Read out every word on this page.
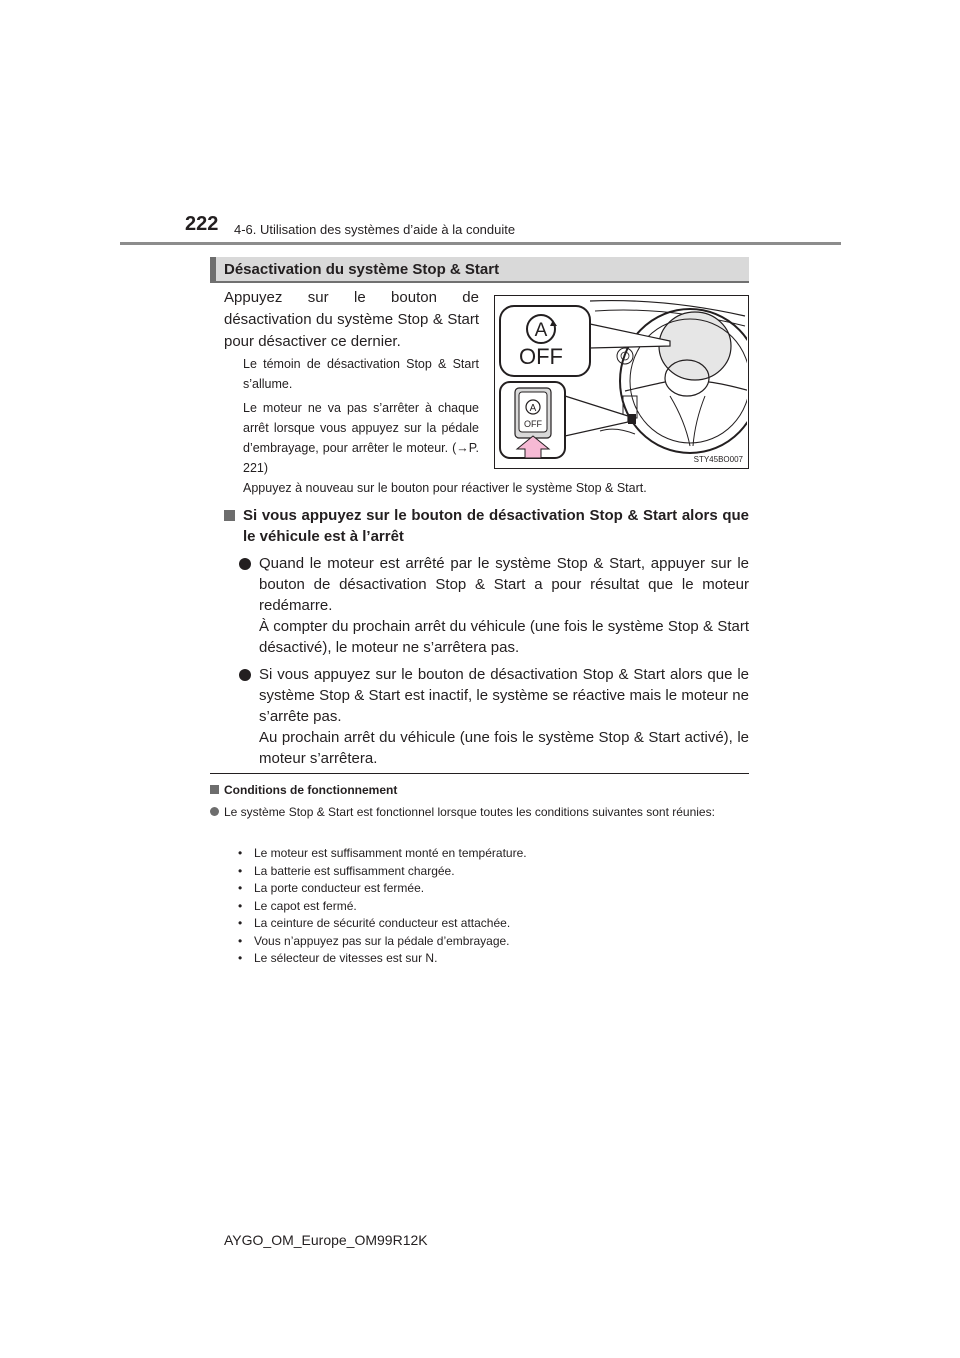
222 4-6. Utilisation des systèmes d’aide à la conduite
Désactivation du système Stop & Start
Appuyez sur le bouton de désactivation du système Stop & Start pour désactiver ce dernier.
Le témoin de désactivation Stop & Start s’allume.
Le moteur ne va pas s’arrêter à chaque arrêt lorsque vous appuyez sur la pédale d’embrayage, pour arrêter le moteur. (→P. 221)
Appuyez à nouveau sur le bouton pour réactiver le système Stop & Start.
A
OFF
A
OFF
STY45BO007
Si vous appuyez sur le bouton de désactivation Stop & Start alors que le véhicule est à l’arrêt

Quand le moteur est arrêté par le système Stop & Start, appuyer sur le bouton de désactivation Stop & Start a pour résultat que le moteur redémarre.

À compter du prochain arrêt du véhicule (une fois le système Stop & Start désactivé), le moteur ne s’arrêtera pas.

Si vous appuyez sur le bouton de désactivation Stop & Start alors que le système Stop & Start est inactif, le système se réactive mais le moteur ne s’arrête pas.

Au prochain arrêt du véhicule (une fois le système Stop & Start activé), le moteur s’arrêtera.

Conditions de fonctionnement
Le système Stop & Start est fonctionnel lorsque toutes les conditions suivantes sont réunies:
• Le moteur est suffisamment monté en température.
• La batterie est suffisamment chargée.
• La porte conducteur est fermée.
• Le capot est fermé.
• La ceinture de sécurité conducteur est attachée.
• Vous n’appuyez pas sur la pédale d’embrayage.
• Le sélecteur de vitesses est sur N.
AYGO_OM_Europe_OM99R12K
